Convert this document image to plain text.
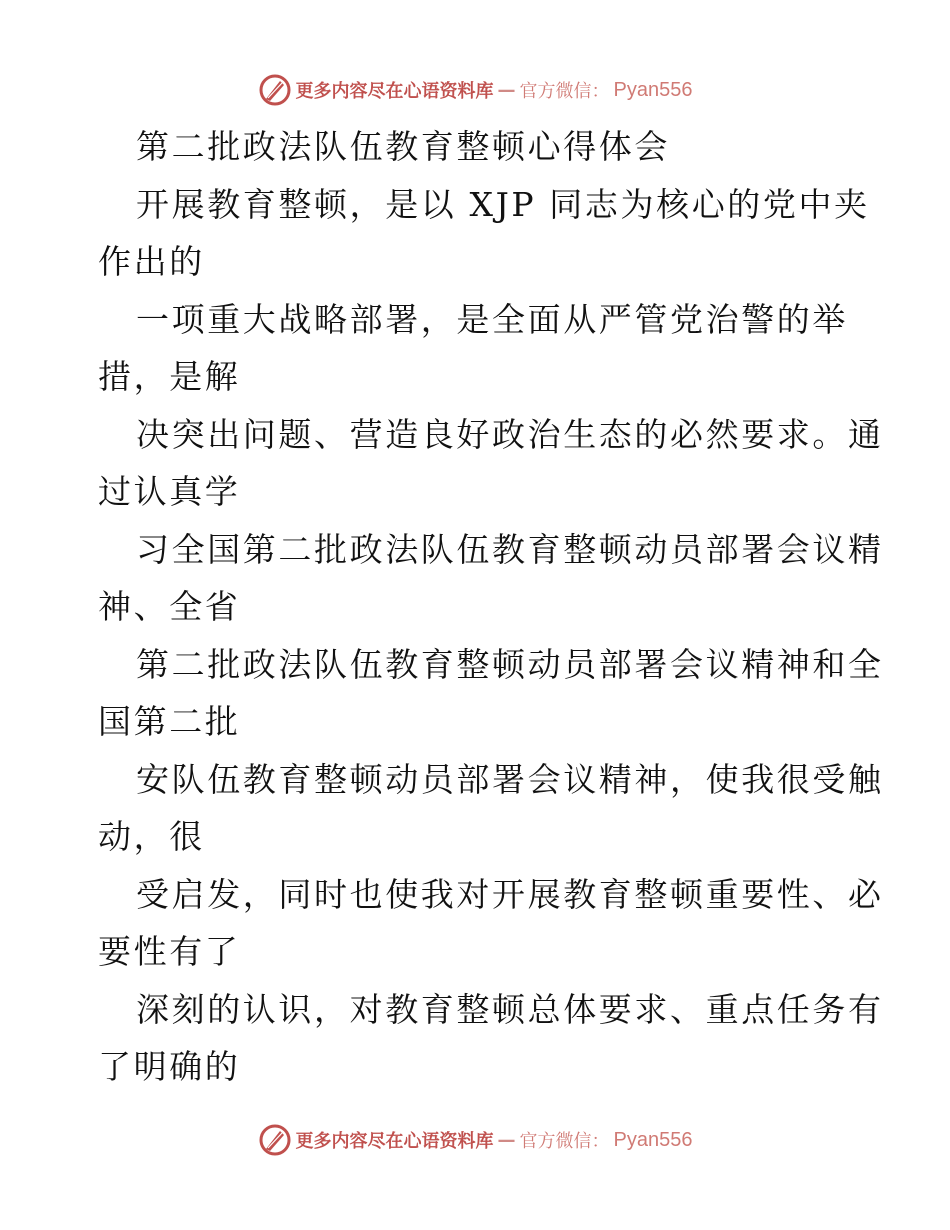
更多内容尽在心语资料库 — 官方微信： Pyan556
第二批政法队伍教育整顿心得体会
开展教育整顿，是以 XJP 同志为核心的党中夹
作出的
一项重大战略部署，是全面从严管党治警的举
措，是解
决突出问题、营造良好政治生态的必然要求。通
过认真学
习全国第二批政法队伍教育整顿动员部署会议精
神、全省
第二批政法队伍教育整顿动员部署会议精神和全
国第二批
安队伍教育整顿动员部署会议精神，使我很受触
动，很
受启发，同时也使我对开展教育整顿重要性、必
要性有了
深刻的认识，对教育整顿总体要求、重点任务有
了明确的
更多内容尽在心语资料库 — 官方微信： Pyan556
